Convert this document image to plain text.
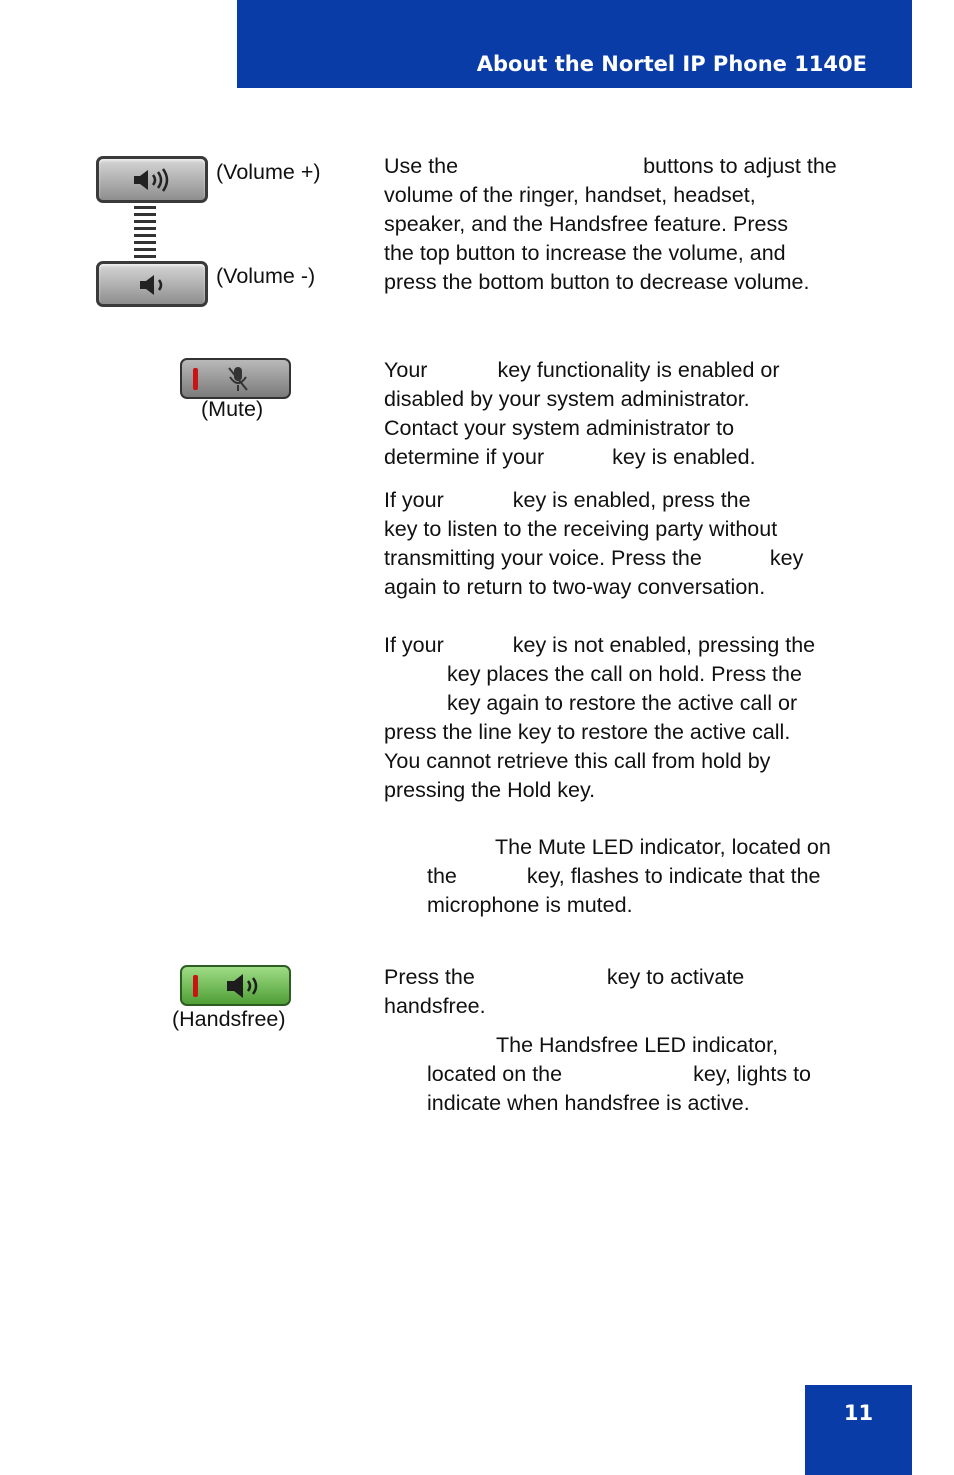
About the Nortel IP Phone 1140E
(Volume +)
(Volume -)

Use the	buttons to adjust the
volume of the ringer, handset, headset,
speaker, and the Handsfree feature. Press
the top button to increase the volume, and
press the bottom button to decrease volume.

(Mute)

Your	key functionality is enabled or
disabled by your system administrator.
Contact your system administrator to
determine if your	key is enabled.

If your	key is enabled, press the
key to listen to the receiving party without
transmitting your voice. Press the	key
again to return to two-way conversation.

If your	key is not enabled, pressing the
key places the call on hold. Press the
key again to restore the active call or
press the line key to restore the active call.
You cannot retrieve this call from hold by
pressing the Hold key.

The Mute LED indicator, located on
the	key, flashes to indicate that the
microphone is muted.

(Handsfree)

Press the	key to activate
handsfree.

The Handsfree LED indicator,
located on the	key, lights to
indicate when handsfree is active.

11
